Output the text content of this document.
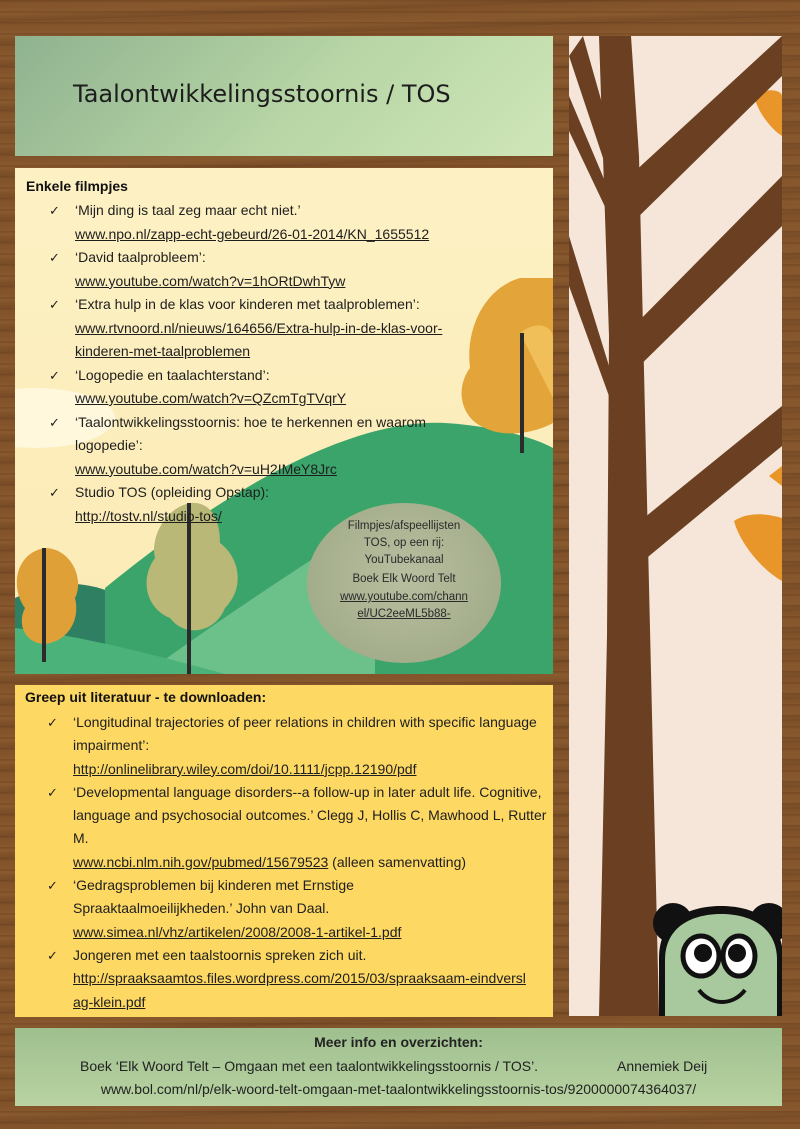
Taalontwikkelingsstoornis / TOS
Enkele filmpjes
✓ ‘Mijn ding is taal zeg maar echt niet.’
www.npo.nl/zapp-echt-gebeurd/26-01-2014/KN_1655512
✓ ‘David taalprobleem’:
www.youtube.com/watch?v=1hORtDwhTyw
✓ ‘Extra hulp in de klas voor kinderen met taalproblemen’:
www.rtvnoord.nl/nieuws/164656/Extra-hulp-in-de-klas-voor-kinderen-met-taalproblemen
✓ ‘Logopedie en taalachterstand’:
www.youtube.com/watch?v=QZcmTgTVqrY
✓ ‘Taalontwikkelingsstoornis: hoe te herkennen en waarom logopedie’:
www.youtube.com/watch?v=uH2IMeY8Jrc
✓ Studio TOS (opleiding Opstap):
http://tostv.nl/studio-tos/
Filmpjes/afspeellijsten
TOS, op een rij:
YouTubekanaal
Boek Elk Woord Telt
www.youtube.com/channel/UC2eeML5b88-
Greep uit literatuur - te downloaden:
✓ ‘Longitudinal trajectories of peer relations in children with specific language impairment’:
http://onlinelibrary.wiley.com/doi/10.1111/jcpp.12190/pdf
✓ ‘Developmental language disorders--a follow-up in later adult life. Cognitive, language and psychosocial outcomes.’ Clegg J, Hollis C, Mawhood L, Rutter M.
www.ncbi.nlm.nih.gov/pubmed/15679523 (alleen samenvatting)
✓ ‘Gedragsproblemen bij kinderen met Ernstige Spraaktaalmoeilijkheden.’ John van Daal.
www.simea.nl/vhz/artikelen/2008/2008-1-artikel-1.pdf
✓ Jongeren met een taalstoornis spreken zich uit.
http://spraaksaamtos.files.wordpress.com/2015/03/spraaksaam-eindverslag-klein.pdf
Meer info en overzichten:
Boek ‘Elk Woord Telt – Omgaan met een taalontwikkelingsstoornis / TOS’.	Annemiek Deij
www.bol.com/nl/p/elk-woord-telt-omgaan-met-taalontwikkelingsstoornis-tos/9200000074364037/
